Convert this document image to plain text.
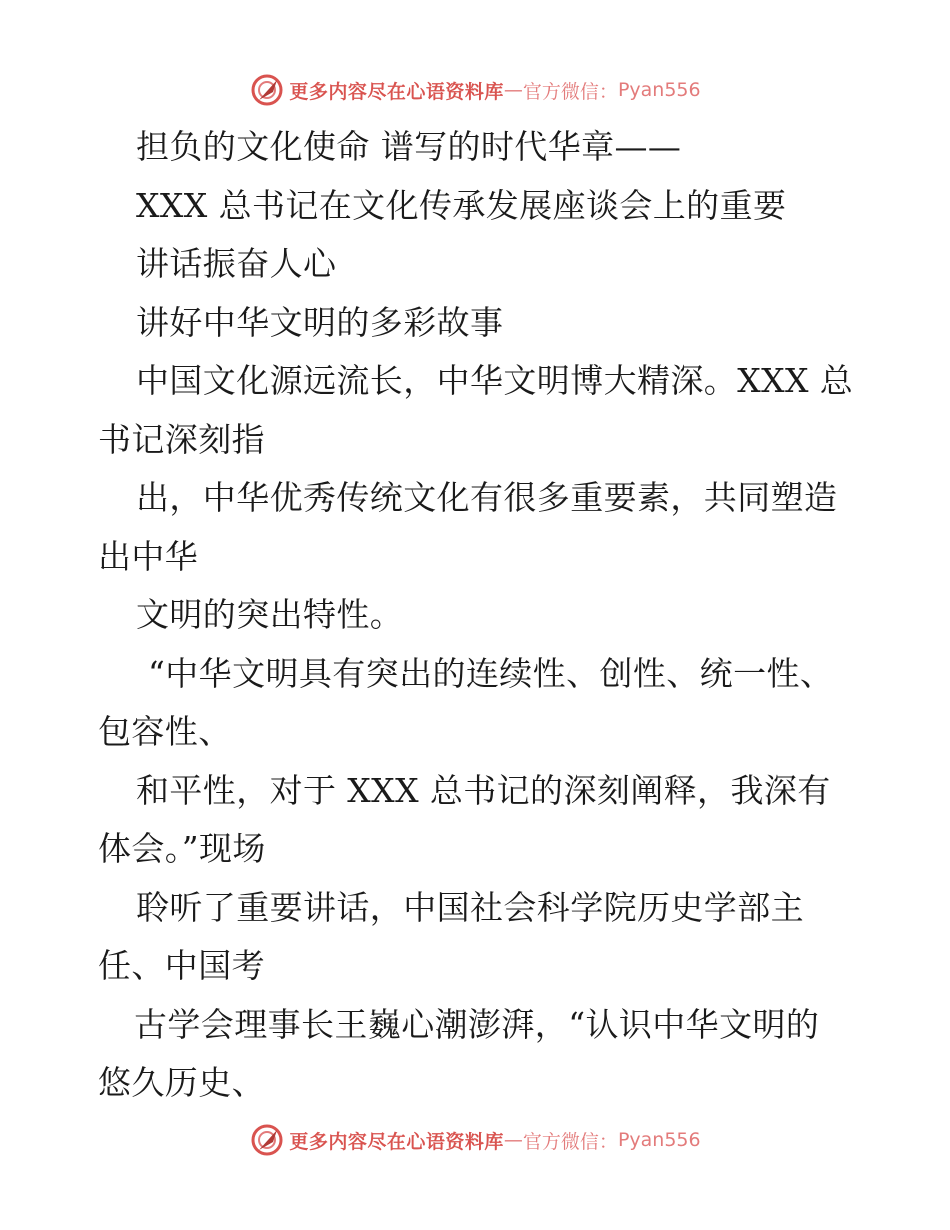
更多内容尽在心语资料库 — 官方微信： Pyan556
担负的文化使命 谱写的时代华章——
XXX 总书记在文化传承发展座谈会上的重要
讲话振奋人心
讲好中华文明的多彩故事
中国文化源远流长，中华文明博大精深。XXX 总
书记深刻指
出，中华优秀传统文化有很多重要素，共同塑造
出中华
文明的突出特性。
“中华文明具有突出的连续性、创性、统一性、
包容性、
和平性，对于 XXX 总书记的深刻阐释，我深有
体会。”现场
聆听了重要讲话，中国社会科学院历史学部主
任、中国考
古学会理事长王巍心潮澎湃，“认识中华文明的
悠久历史、
更多内容尽在心语资料库 — 官方微信： Pyan556
